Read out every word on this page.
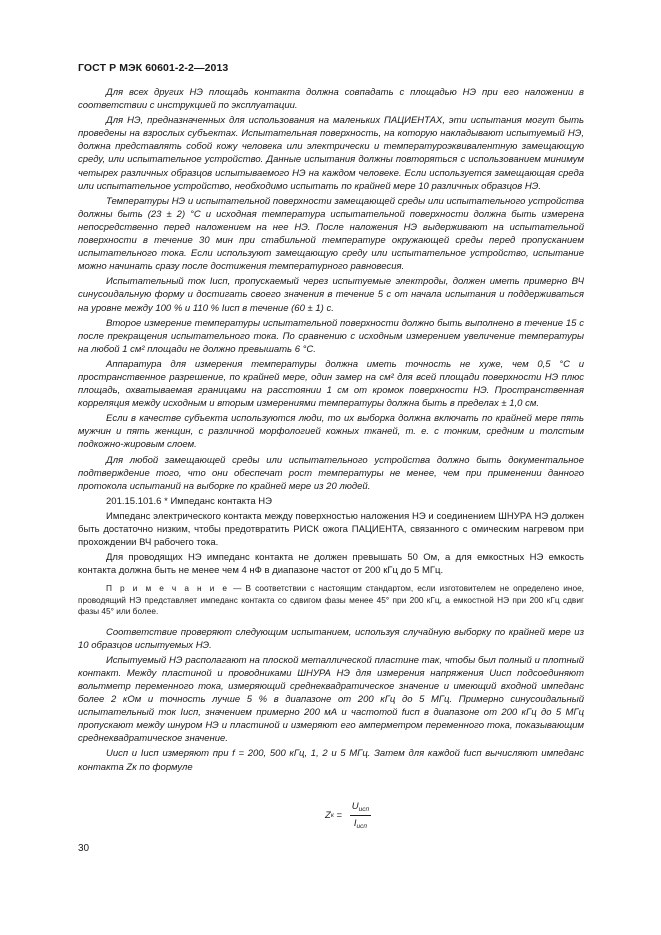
ГОСТ Р МЭК 60601-2-2—2013

Для всех других НЭ площадь контакта должна совпадать с площадью НЭ при его наложении в соответствии с инструкцией по эксплуатации.

Для НЭ, предназначенных для использования на маленьких ПАЦИЕНТАХ, эти испытания могут быть проведены на взрослых субъектах. Испытательная поверхность, на которую накладывают испытуемый НЭ, должна представлять собой кожу человека или электрически и температуроэквивалентную замещающую среду, или испытательное устройство. Данные испытания должны повторяться с использованием минимум четырех различных образцов испытываемого НЭ на каждом человеке. Если используется замещающая среда или испытательное устройство, необходимо испытать по крайней мере 10 различных образцов НЭ.

Температуры НЭ и испытательной поверхности замещающей среды или испытательного устройства должны быть (23 ± 2) °С и исходная температура испытательной поверхности должна быть измерена непосредственно перед наложением на нее НЭ. После наложения НЭ выдерживают на испытательной поверхности в течение 30 мин при стабильной температуре окружающей среды перед пропусканием испытательного тока. Если используют замещающую среду или испытательное устройство, испытание можно начинать сразу после достижения температурного равновесия.

Испытательный ток Iисп, пропускаемый через испытуемые электроды, должен иметь примерно ВЧ синусоидальную форму и достигать своего значения в течение 5 с от начала испытания и поддерживаться на уровне между 100 % и 110 % Iисп в течение (60 ± 1) с.

Второе измерение температуры испытательной поверхности должно быть выполнено в течение 15 с после прекращения испытательного тока. По сравнению с исходным измерением увеличение температуры на любой 1 см² площади не должно превышать 6 °С.

Аппаратура для измерения температуры должна иметь точность не хуже, чем 0,5 °С и пространственное разрешение, по крайней мере, один замер на см² для всей площади поверхности НЭ плюс площадь, охватываемая границами на расстоянии 1 см от кромок поверхности НЭ. Пространственная корреляция между исходным и вторым измерениями температуры должна быть в пределах ± 1,0 см.

Если в качестве субъекта используются люди, то их выборка должна включать по крайней мере пять мужчин и пять женщин, с различной морфологией кожных тканей, т. е. с тонким, средним и толстым подкожно-жировым слоем.

Для любой замещающей среды или испытательного устройства должно быть документальное подтверждение того, что они обеспечат рост температуры не менее, чем при применении данного протокола испытаний на выборке по крайней мере из 20 людей.

201.15.101.6 * Импеданс контакта НЭ

Импеданс электрического контакта между поверхностью наложения НЭ и соединением ШНУРА НЭ должен быть достаточно низким, чтобы предотвратить РИСК ожога ПАЦИЕНТА, связанного с омическим нагревом при прохождении ВЧ рабочего тока.

Для проводящих НЭ импеданс контакта не должен превышать 50 Ом, а для емкостных НЭ емкость контакта должна быть не менее чем 4 нФ в диапазоне частот от 200 кГц до 5 МГц.

П р и м е ч а н и е — В соответствии с настоящим стандартом, если изготовителем не определено иное, проводящий НЭ представляет импеданс контакта со сдвигом фазы менее 45° при 200 кГц, а емкостной НЭ при 200 кГц сдвиг фазы 45° или более.

Соответствие проверяют следующим испытанием, используя случайную выборку по крайней мере из 10 образцов испытуемых НЭ.

Испытуемый НЭ располагают на плоской металлической пластине так, чтобы был полный и плотный контакт. Между пластиной и проводниками ШНУРА НЭ для измерения напряжения Uисп подсоединяют вольтметр переменного тока, измеряющий среднеквадратическое значение и имеющий входной импеданс более 2 кОм и точность лучше 5 % в диапазоне от 200 кГц до 5 МГц. Примерно синусоидальный испытательный ток Iисп, значением примерно 200 мА и частотой fисп в диапазоне от 200 кГц до 5 МГц пропускают между шнуром НЭ и пластиной и измеряют его амперметром переменного тока, показывающим среднеквадратическое значение.

Uисп и Iисп измеряют при f = 200, 500 кГц, 1, 2 и 5 МГц. Затем для каждой fисп вычисляют импеданс контакта Zк по формуле

Z $к = \frac{U_{исп}}{I_{исп}}$
30
